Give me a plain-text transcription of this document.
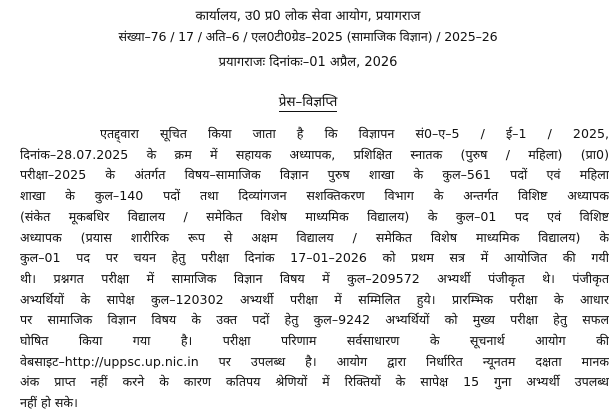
कार्यालय, उ0 प्र0 लोक सेवा आयोग, प्रयागराज
संख्या–76 / 17 / अति–6 / एल0टी0ग्रेड–2025 (सामाजिक विज्ञान) / 2025–26
प्रयागराजः दिनांकः–01 अप्रैल, 2026
प्रेस–विज्ञप्ति
एतद्द्वारा सूचित किया जाता है कि विज्ञापन सं0–ए–5 / ई–1 / 2025,
दिनांक–28.07.2025 के क्रम में सहायक अध्यापक, प्रशिक्षित स्नातक (पुरुष / महिला) (प्रा0)
परीक्षा–2025 के अंतर्गत विषय–सामाजिक विज्ञान पुरुष शाखा के कुल–561 पदों एवं महिला
शाखा के कुल–140 पदों तथा दिव्यांगजन सशक्तिकरण विभाग के अन्तर्गत विशिष्ट अध्यापक
(संकेत मूकबधिर विद्यालय / समेकित विशेष माध्यमिक विद्यालय) के कुल–01 पद एवं विशिष्ट
अध्यापक (प्रयास शारीरिक रूप से अक्षम विद्यालय / समेकित विशेष माध्यमिक विद्यालय) के
कुल–01 पद पर चयन हेतु परीक्षा दिनांक 17–01–2026 को प्रथम सत्र में आयोजित की गयी
थी। प्रश्नगत परीक्षा में सामाजिक विज्ञान विषय में कुल–209572 अभ्यर्थी पंजीकृत थे। पंजीकृत
अभ्यर्थियों के सापेक्ष कुल–120302 अभ्यर्थी परीक्षा में सम्मिलित हुये। प्रारम्भिक परीक्षा के आधार
पर सामाजिक विज्ञान विषय के उक्त पदों हेतु कुल–9242 अभ्यर्थियों को मुख्य परीक्षा हेतु सफल
घोषित किया गया है। परीक्षा परिणाम सर्वसाधारण के सूचनार्थ आयोग की
वेबसाइट–http://uppsc.up.nic.in पर उपलब्ध है। आयोग द्वारा निर्धारित न्यूनतम दक्षता मानक
अंक प्राप्त नहीं करने के कारण कतिपय श्रेणियों में रिक्तियों के सापेक्ष 15 गुना अभ्यर्थी उपलब्ध
नहीं हो सके।
